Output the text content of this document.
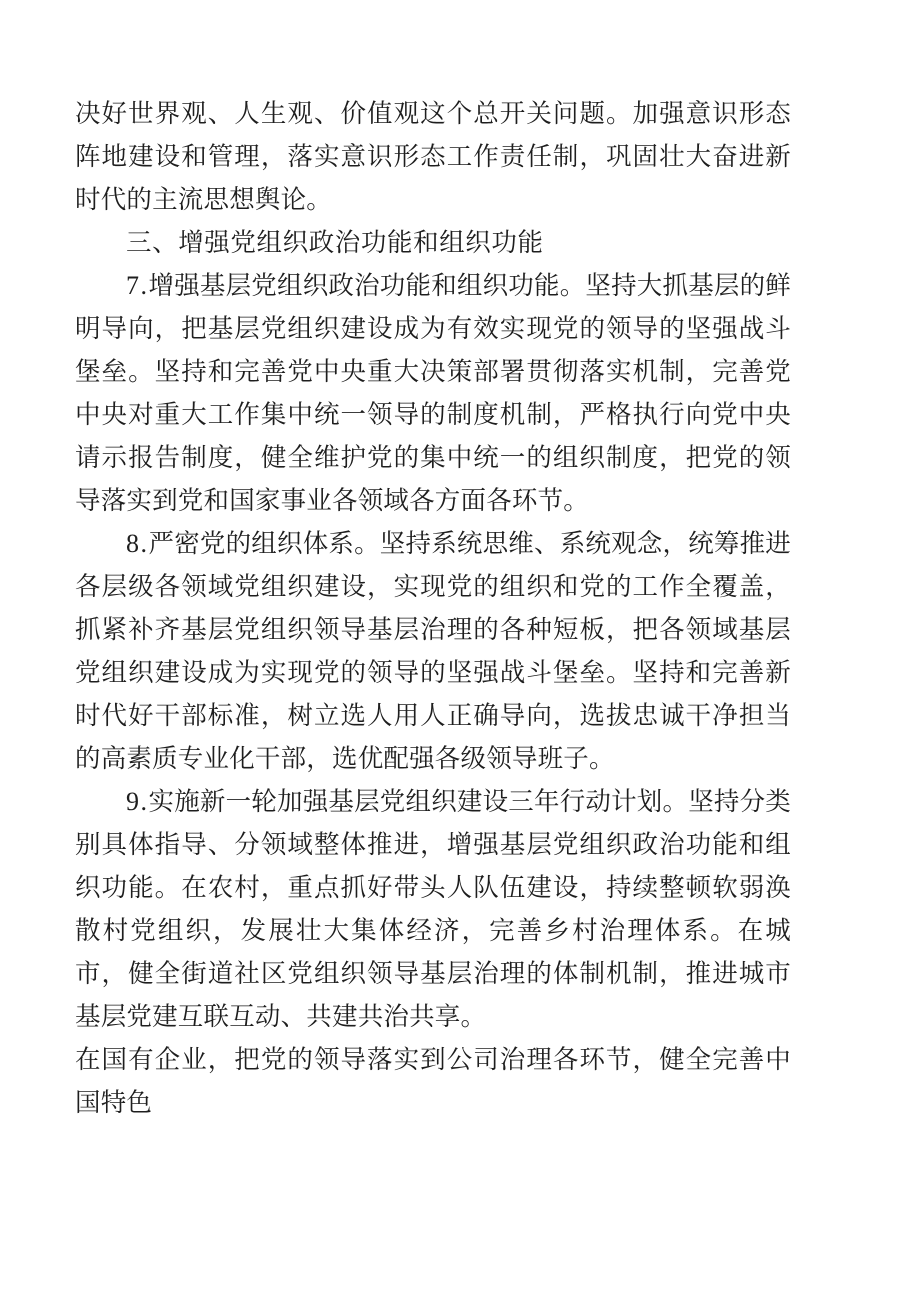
决好世界观、人生观、价值观这个总开关问题。加强意识形态阵地建设和管理，落实意识形态工作责任制，巩固壮大奋进新时代的主流思想舆论。

三、增强党组织政治功能和组织功能

7.增强基层党组织政治功能和组织功能。坚持大抓基层的鲜明导向，把基层党组织建设成为有效实现党的领导的坚强战斗堡垒。坚持和完善党中央重大决策部署贯彻落实机制，完善党中央对重大工作集中统一领导的制度机制，严格执行向党中央请示报告制度，健全维护党的集中统一的组织制度，把党的领导落实到党和国家事业各领域各方面各环节。

8.严密党的组织体系。坚持系统思维、系统观念，统筹推进各层级各领域党组织建设，实现党的组织和党的工作全覆盖，抓紧补齐基层党组织领导基层治理的各种短板，把各领域基层党组织建设成为实现党的领导的坚强战斗堡垒。坚持和完善新时代好干部标准，树立选人用人正确导向，选拔忠诚干净担当的高素质专业化干部，选优配强各级领导班子。

9.实施新一轮加强基层党组织建设三年行动计划。坚持分类别具体指导、分领域整体推进，增强基层党组织政治功能和组织功能。在农村，重点抓好带头人队伍建设，持续整顿软弱涣散村党组织，发展壮大集体经济，完善乡村治理体系。在城市，健全街道社区党组织领导基层治理的体制机制，推进城市基层党建互联互动、共建共治共享。

在国有企业，把党的领导落实到公司治理各环节，健全完善中国特色
